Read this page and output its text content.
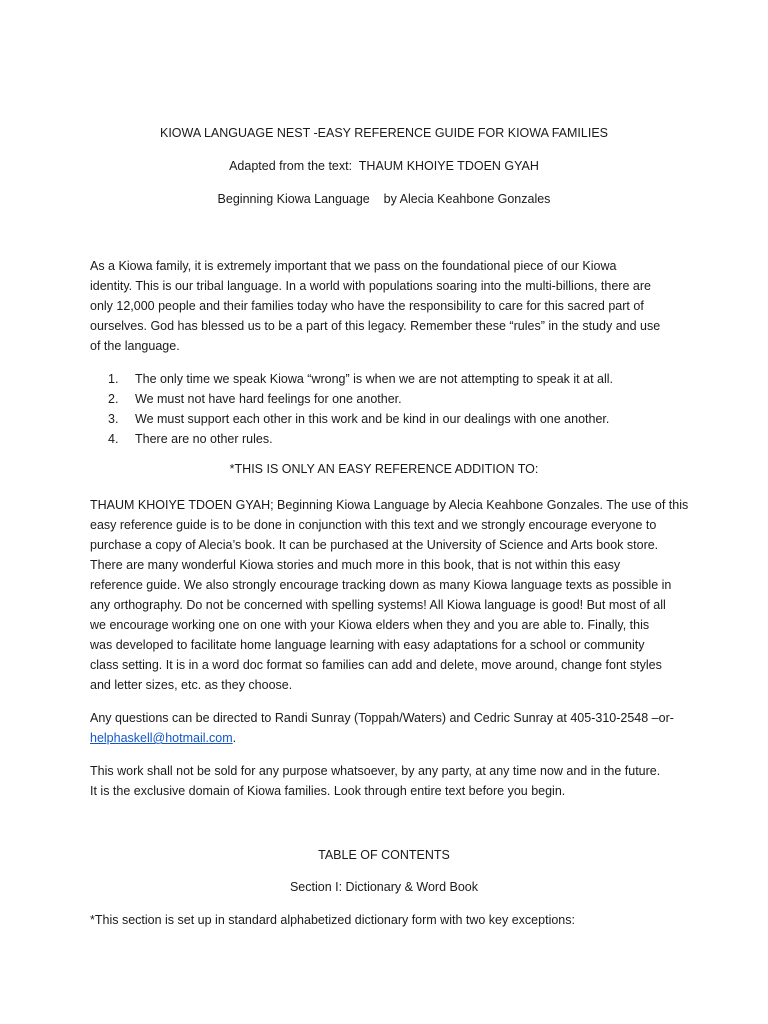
KIOWA LANGUAGE NEST -EASY REFERENCE GUIDE FOR KIOWA FAMILIES
Adapted from the text:  THAUM KHOIYE TDOEN GYAH
Beginning Kiowa Language    by Alecia Keahbone Gonzales
As a Kiowa family, it is extremely important that we pass on the foundational piece of our Kiowa
identity. This is our tribal language. In a world with populations soaring into the multi-billions, there are
only 12,000 people and their families today who have the responsibility to care for this sacred part of
ourselves. God has blessed us to be a part of this legacy. Remember these “rules” in the study and use
of the language.
1. The only time we speak Kiowa “wrong” is when we are not attempting to speak it at all.
2. We must not have hard feelings for one another.
3. We must support each other in this work and be kind in our dealings with one another.
4. There are no other rules.
*THIS IS ONLY AN EASY REFERENCE ADDITION TO:
THAUM KHOIYE TDOEN GYAH; Beginning Kiowa Language by Alecia Keahbone Gonzales. The use of this
easy reference guide is to be done in conjunction with this text and we strongly encourage everyone to
purchase a copy of Alecia’s book. It can be purchased at the University of Science and Arts book store.
There are many wonderful Kiowa stories and much more in this book, that is not within this easy
reference guide. We also strongly encourage tracking down as many Kiowa language texts as possible in
any orthography. Do not be concerned with spelling systems! All Kiowa language is good! But most of all
we encourage working one on one with your Kiowa elders when they and you are able to. Finally, this
was developed to facilitate home language learning with easy adaptations for a school or community
class setting. It is in a word doc format so families can add and delete, move around, change font styles
and letter sizes, etc. as they choose.
Any questions can be directed to Randi Sunray (Toppah/Waters) and Cedric Sunray at 405-310-2548 –or-
helphaskell@hotmail.com.
This work shall not be sold for any purpose whatsoever, by any party, at any time now and in the future.
It is the exclusive domain of Kiowa families. Look through entire text before you begin.
TABLE OF CONTENTS
Section I: Dictionary & Word Book
*This section is set up in standard alphabetized dictionary form with two key exceptions:
